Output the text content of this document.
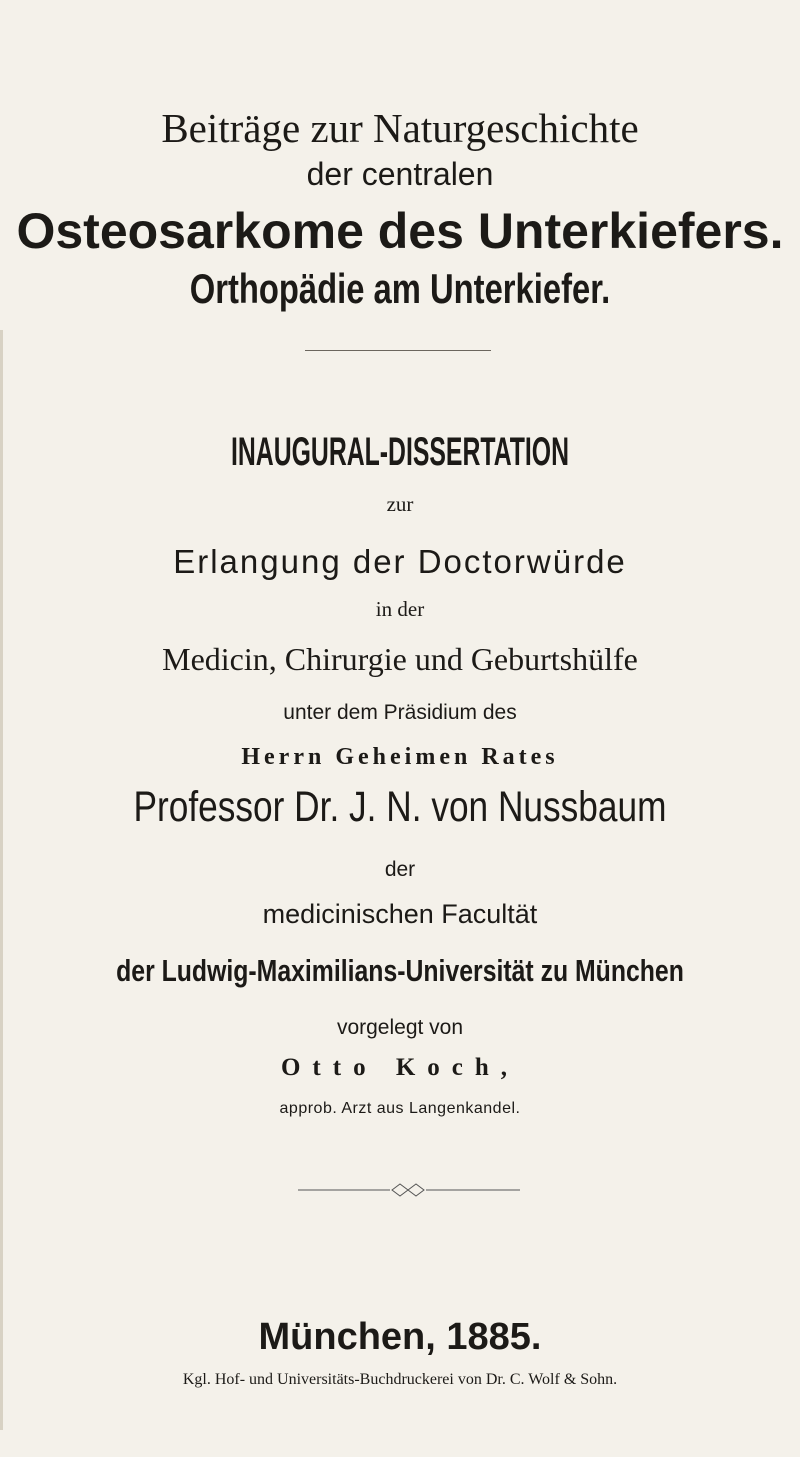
Beiträge zur Naturgeschichte
der centralen
Osteosarkome des Unterkiefers.
Orthopädie am Unterkiefer.
INAUGURAL-DISSERTATION
zur
Erlangung der Doctorwürde
in der
Medicin, Chirurgie und Geburtshülfe
unter dem Präsidium des
Herrn Geheimen Rates
Professor Dr. J. N. von Nussbaum
der
medicinischen Facultät
der Ludwig-Maximilians-Universität zu München
vorgelegt von
Otto Koch,
approb. Arzt aus Langenkandel.
München, 1885.
Kgl. Hof- und Universitäts-Buchdruckerei von Dr. C. Wolf & Sohn.
